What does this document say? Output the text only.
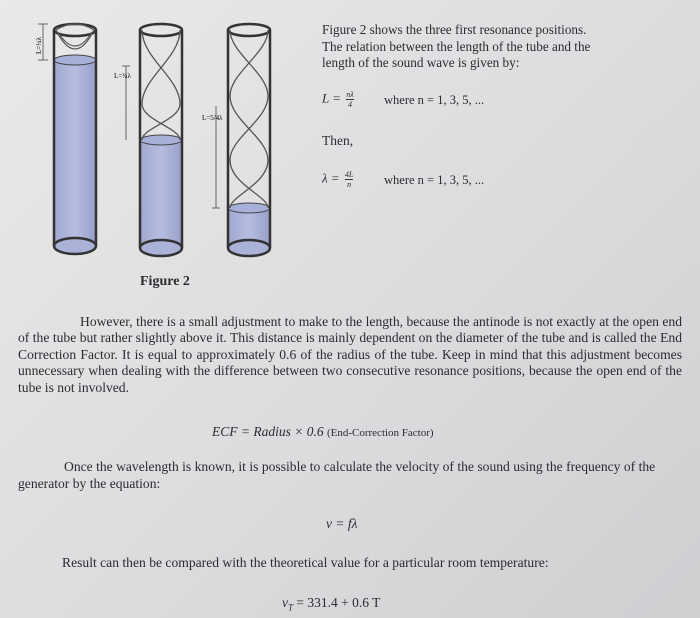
L=¼λ
L=¾λ
L=5/4λ
Figure 2 shows the three first resonance positions.
The relation between the length of the tube and the
length of the sound wave is given by:
$L = \frac{n\lambda}{4}$ where n = 1, 3, 5, ...
Then,
$\lambda = \frac{4L}{n}$ where n = 1, 3, 5, ...
Figure 2
However, there is a small adjustment to make to the length, because the antinode is not exactly at the open end of the tube but rather slightly above it. This distance is mainly dependent on the diameter of the tube and is called the End Correction Factor. It is equal to approximately 0.6 of the radius of the tube. Keep in mind that this adjustment becomes unnecessary when dealing with the difference between two consecutive resonance positions, because the open end of the tube is not involved.
ECF = Radius × 0.6 (End-Correction Factor)
Once the wavelength is known, it is possible to calculate the velocity of the sound using the frequency of the generator by the equation:
v = fλ
Result can then be compared with the theoretical value for a particular room temperature:
$v_T = 331.4 + 0.6$ T
